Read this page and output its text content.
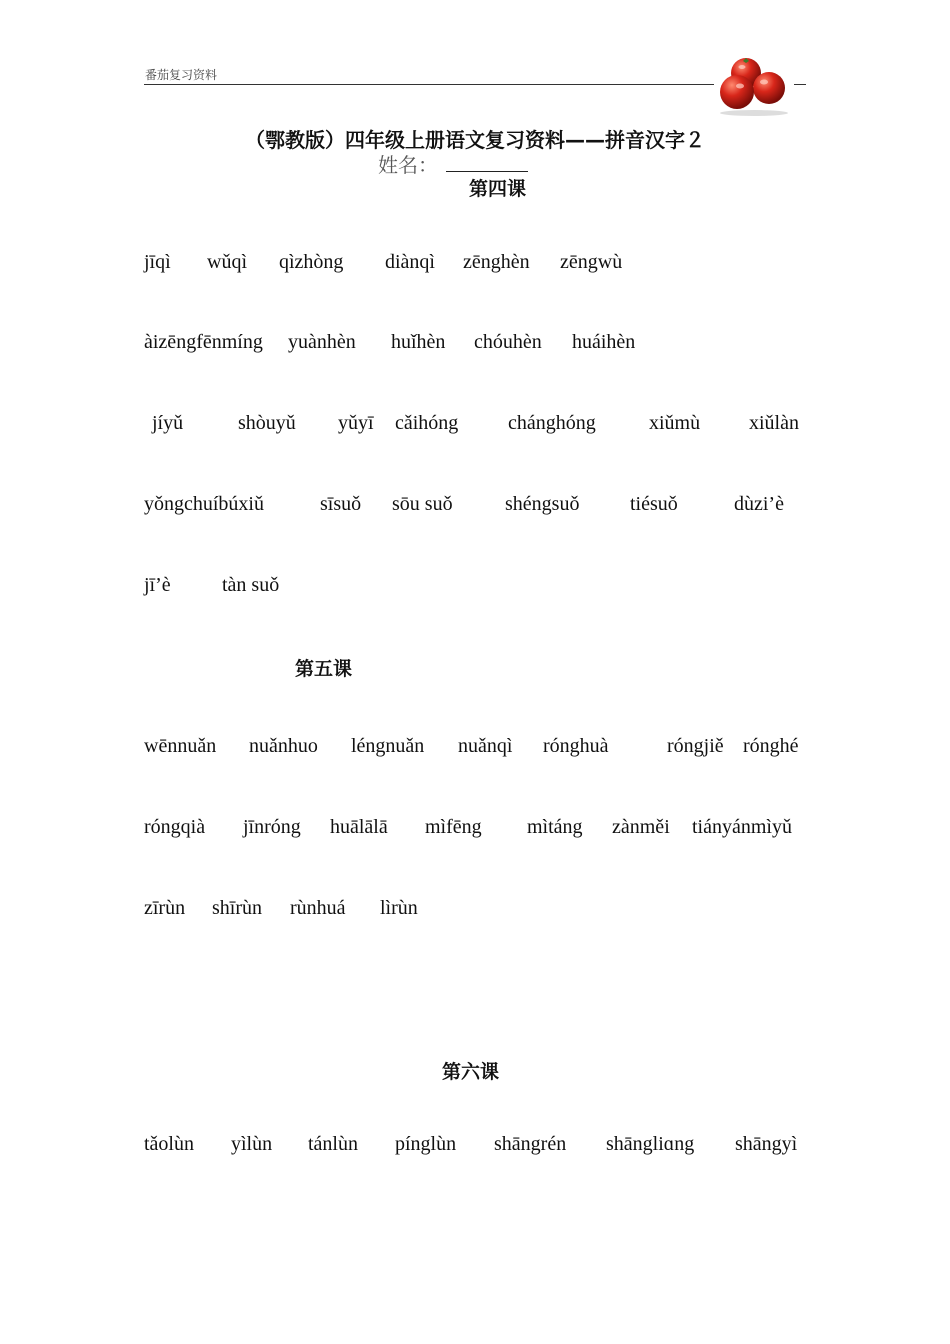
番茄复习资料
（鄂教版）四年级上册语文复习资料——拼音汉字２
姓名：
第四课
jīqì wǔqì qìzhòng diànqì zēnghèn zēngwù
àizēngfēnmíng yuànhèn huǐhèn chóuhèn huáihèn
jíyǔ	shòuyǔ yǔyī cǎihóng chánghóng	xiǔmù xiǔlàn
yǒngchuíbúxiǔ	sīsuǒ sōu suǒ	shéngsuǒ	tiésuǒ	dùzi’è
jī’è	tàn suǒ
第五课
wēnnuǎn nuǎnhuo léngnuǎn nuǎnqì rónghuà	róngjiě rónghé
róngqià jīnróng huālālā mìfēng mìtáng zànměi tiányánmìyǔ
zīrùn shīrùn rùnhuá lìrùn
第六课
tǎolùn yìlùn tánlùn pínglùn shāngrén shāngliɑng shāngyì
